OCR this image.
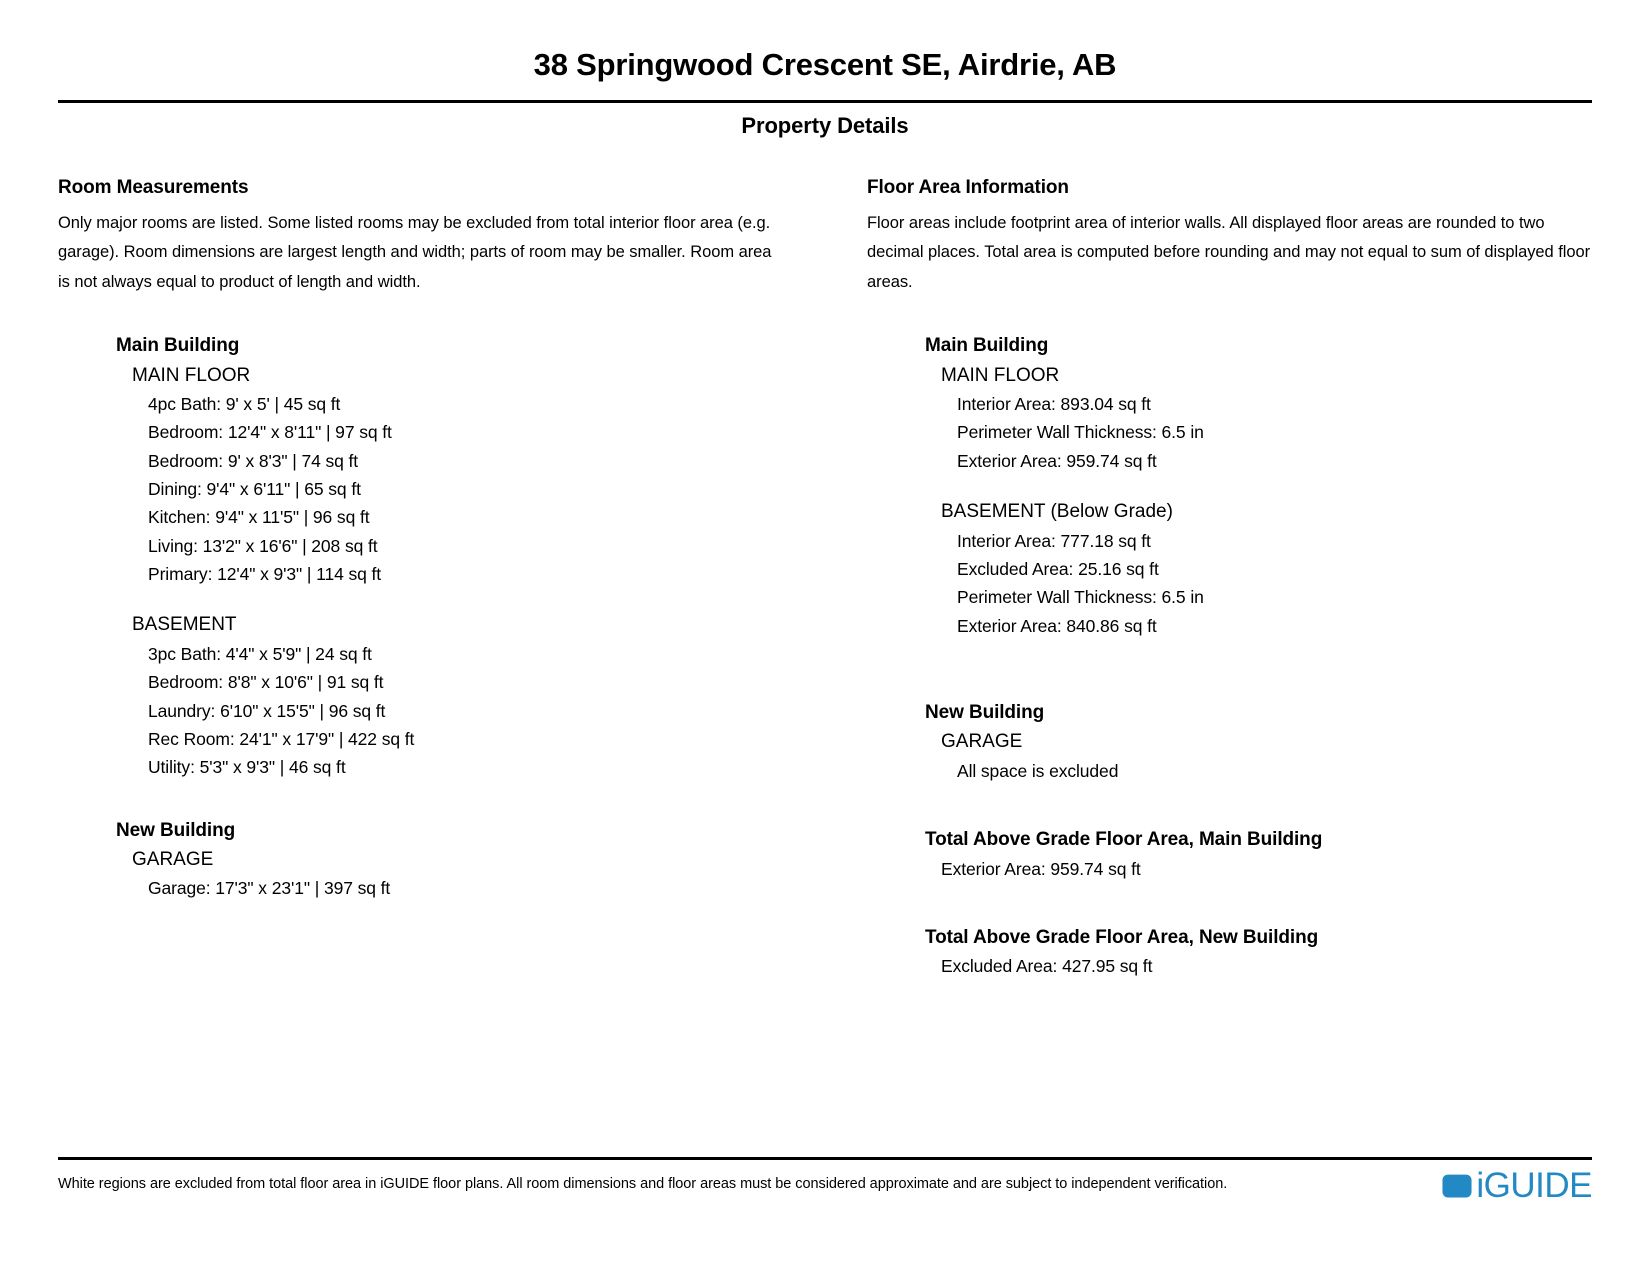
38 Springwood Crescent SE, Airdrie, AB
Property Details
Room Measurements
Only major rooms are listed. Some listed rooms may be excluded from total interior floor area (e.g. garage). Room dimensions are largest length and width; parts of room may be smaller. Room area is not always equal to product of length and width.
Main Building
MAIN FLOOR
4pc Bath: 9' x 5' | 45 sq ft
Bedroom: 12'4" x 8'11" | 97 sq ft
Bedroom: 9' x 8'3" | 74 sq ft
Dining: 9'4" x 6'11" | 65 sq ft
Kitchen: 9'4" x 11'5" | 96 sq ft
Living: 13'2" x 16'6" | 208 sq ft
Primary: 12'4" x 9'3" | 114 sq ft
BASEMENT
3pc Bath: 4'4" x 5'9" | 24 sq ft
Bedroom: 8'8" x 10'6" | 91 sq ft
Laundry: 6'10" x 15'5" | 96 sq ft
Rec Room: 24'1" x 17'9" | 422 sq ft
Utility: 5'3" x 9'3" | 46 sq ft
New Building
GARAGE
Garage: 17'3" x 23'1" | 397 sq ft
Floor Area Information
Floor areas include footprint area of interior walls. All displayed floor areas are rounded to two decimal places. Total area is computed before rounding and may not equal to sum of displayed floor areas.
Main Building
MAIN FLOOR
Interior Area: 893.04 sq ft
Perimeter Wall Thickness: 6.5 in
Exterior Area: 959.74 sq ft
BASEMENT (Below Grade)
Interior Area: 777.18 sq ft
Excluded Area: 25.16 sq ft
Perimeter Wall Thickness: 6.5 in
Exterior Area: 840.86 sq ft
New Building
GARAGE
All space is excluded
Total Above Grade Floor Area, Main Building
Exterior Area: 959.74 sq ft
Total Above Grade Floor Area, New Building
Excluded Area: 427.95 sq ft
White regions are excluded from total floor area in iGUIDE floor plans. All room dimensions and floor areas must be considered approximate and are subject to independent verification.	iGUIDE
